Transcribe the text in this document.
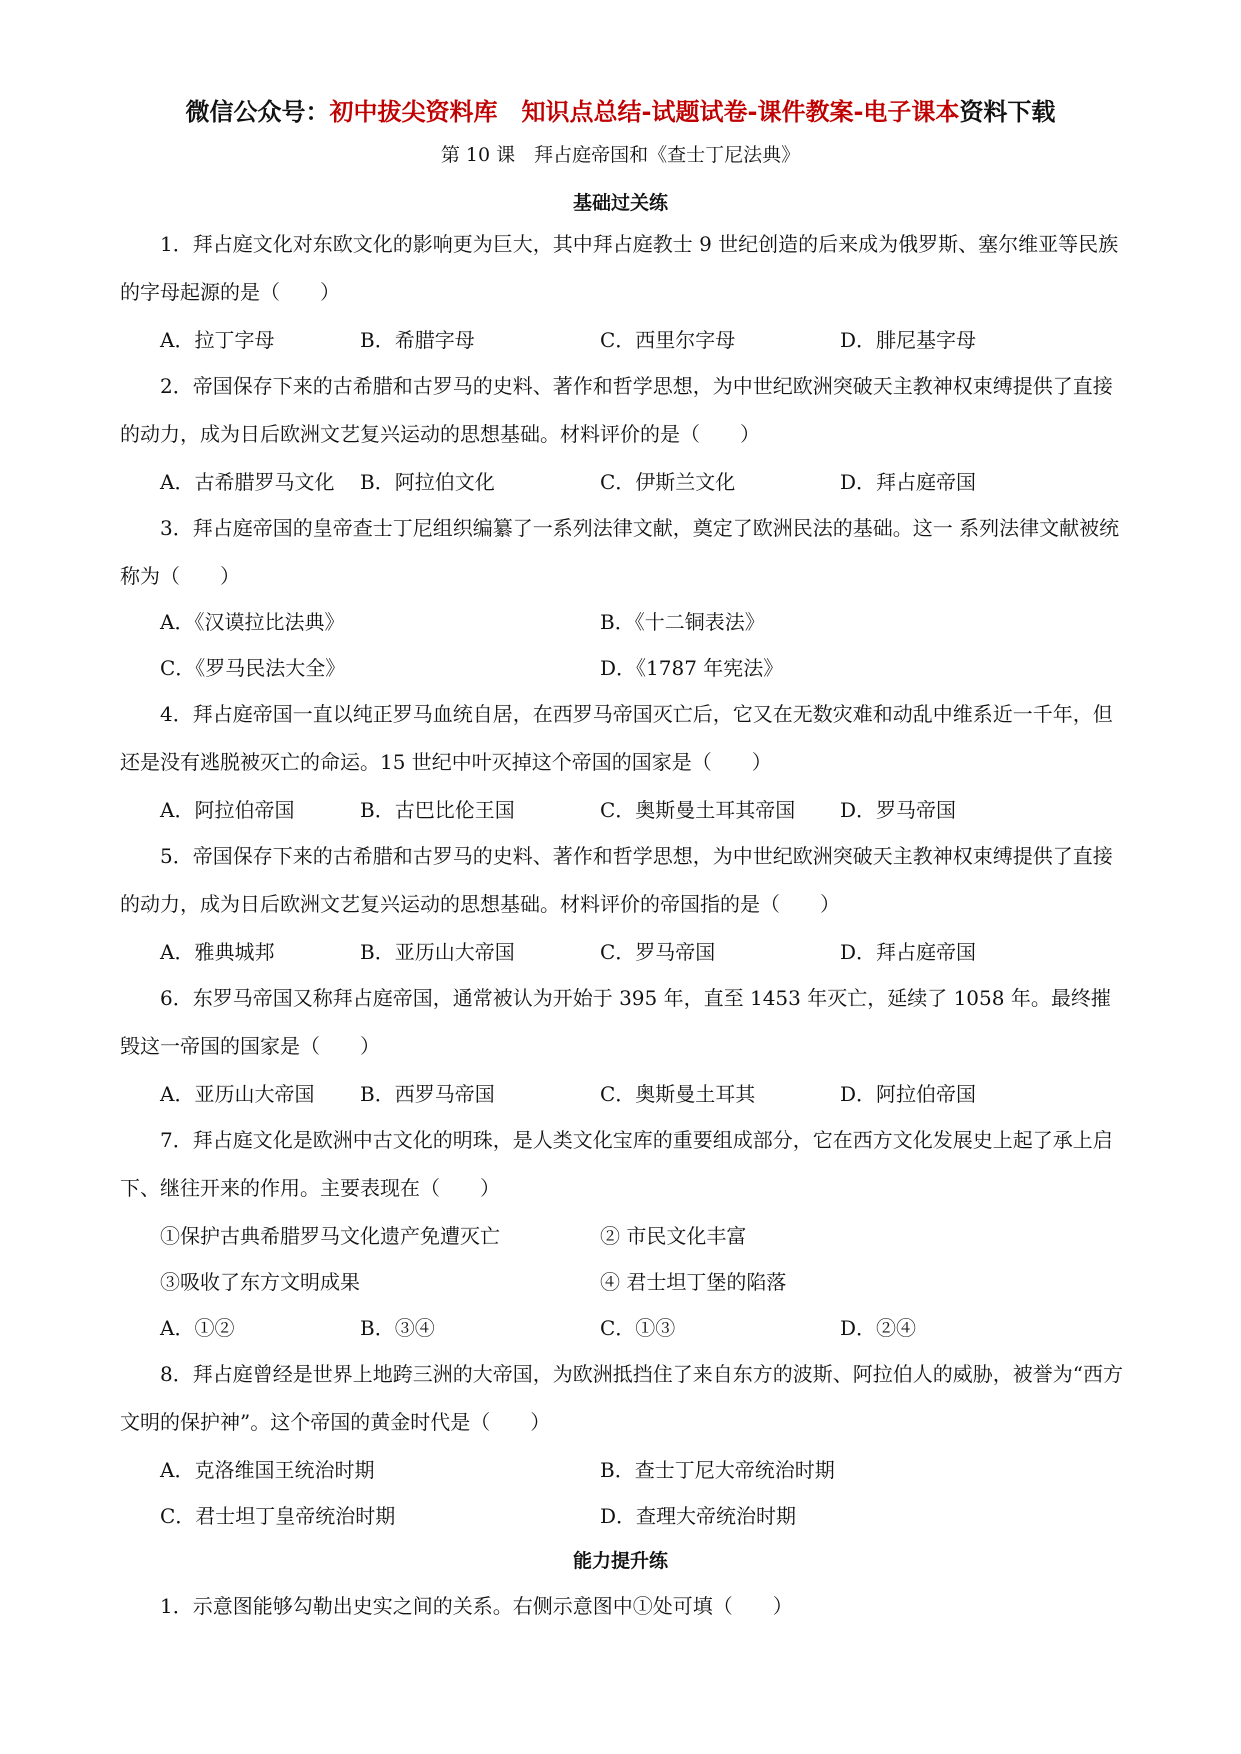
微信公众号：初中拔尖资料库　知识点总结-试题试卷-课件教案-电子课本资料下载
第 10 课　拜占庭帝国和《查士丁尼法典》
基础过关练
1．拜占庭文化对东欧文化的影响更为巨大，其中拜占庭教士 9 世纪创造的后来成为俄罗斯、塞尔维亚等民族的字母起源的是（　　）
A．拉丁字母	B．希腊字母	C．西里尔字母	D．腓尼基字母
2．帝国保存下来的古希腊和古罗马的史料、著作和哲学思想，为中世纪欧洲突破天主教神权束缚提供了直接的动力，成为日后欧洲文艺复兴运动的思想基础。材料评价的是（　　）
A．古希腊罗马文化 B．阿拉伯文化	C．伊斯兰文化	D．拜占庭帝国
3．拜占庭帝国的皇帝查士丁尼组织编纂了一系列法律文献，奠定了欧洲民法的基础。这一 系列法律文献被统称为（　　）
A．《汉谟拉比法典》	B．《十二铜表法》
C．《罗马民法大全》	D．《1787 年宪法》
4．拜占庭帝国一直以纯正罗马血统自居，在西罗马帝国灭亡后，它又在无数灾难和动乱中维系近一千年，但还是没有逃脱被灭亡的命运。15 世纪中叶灭掉这个帝国的国家是（　　）
A．阿拉伯帝国	B．古巴比伦王国	C．奥斯曼土耳其帝国 D．罗马帝国
5．帝国保存下来的古希腊和古罗马的史料、著作和哲学思想，为中世纪欧洲突破天主教神权束缚提供了直接的动力，成为日后欧洲文艺复兴运动的思想基础。材料评价的帝国指的是（　　）
A．雅典城邦	B．亚历山大帝国	C．罗马帝国	D．拜占庭帝国
6．东罗马帝国又称拜占庭帝国，通常被认为开始于 395 年，直至 1453 年灭亡，延续了 1058 年。最终摧毁这一帝国的国家是（　　）
A．亚历山大帝国 B．西罗马帝国	C．奥斯曼土耳其	D．阿拉伯帝国
7．拜占庭文化是欧洲中古文化的明珠，是人类文化宝库的重要组成部分，它在西方文化发展史上起了承上启下、继往开来的作用。主要表现在（　　）
①保护古典希腊罗马文化遗产免遭灭亡	② 市民文化丰富
③吸收了东方文明成果	④ 君士坦丁堡的陷落
A．①②	B．③④	C．①③	D．②④
8．拜占庭曾经是世界上地跨三洲的大帝国，为欧洲抵挡住了来自东方的波斯、阿拉伯人的威胁，被誉为“西方文明的保护神”。这个帝国的黄金时代是（　　）
A．克洛维国王统治时期	B．查士丁尼大帝统治时期
C．君士坦丁皇帝统治时期	D．查理大帝统治时期
能力提升练
1．示意图能够勾勒出史实之间的关系。右侧示意图中①处可填（　　）
